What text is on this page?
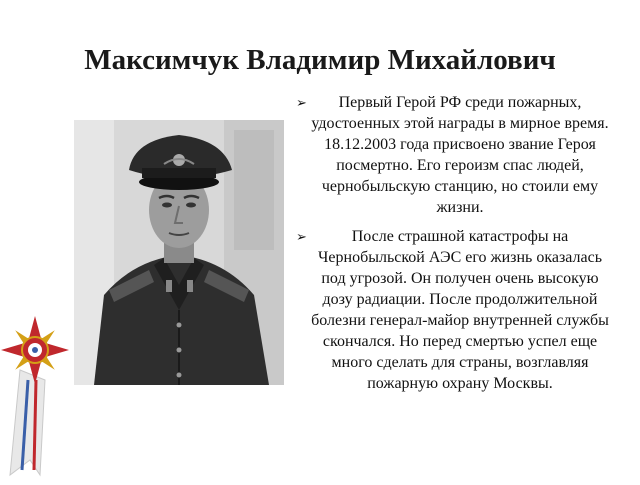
Максимчук Владимир Михайлович
➢ Первый Герой РФ среди пожарных, удостоенных этой награды в мирное время. 18.12.2003 года присвоено звание Героя посмертно. Его героизм спас людей, чернобыльскую станцию, но стоили ему жизни.
➢	После страшной катастрофы на Чернобыльской АЭС его жизнь оказалась под угрозой. Он получен очень высокую дозу радиации. После продолжительной болезни генерал-майор внутренней службы скончался. Но перед смертью успел еще много сделать для страны, возглавляя пожарную охрану Москвы.
